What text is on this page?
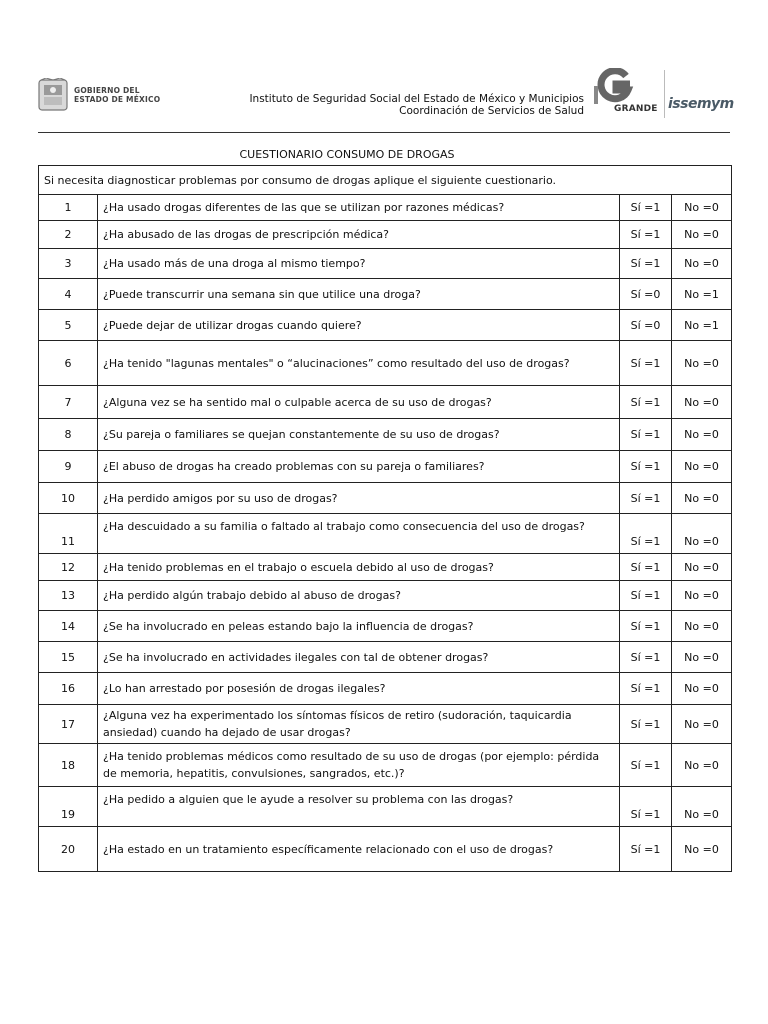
GOBIERNO DEL
ESTADO DE MÉXICO	Instituto de Seguridad Social del Estado de México y Municipios
Coordinación de Servicios de Salud	GRANDE issemym
CUESTIONARIO CONSUMO DE DROGAS
Si necesita diagnosticar problemas por consumo de drogas aplique el siguiente cuestionario.			
1	¿Ha usado drogas diferentes de las que se utilizan por razones médicas?	Sí =1	No =0
2	¿Ha abusado de las drogas de prescripción médica?	Sí =1	No =0
3	¿Ha usado más de una droga al mismo tiempo?	Sí =1	No =0
4	¿Puede transcurrir una semana sin que utilice una droga?	Sí =0	No =1
5	¿Puede dejar de utilizar drogas cuando quiere?	Sí =0	No =1
6	¿Ha tenido "lagunas mentales" o “alucinaciones” como resultado del uso de drogas?	Sí =1	No =0
7	¿Alguna vez se ha sentido mal o culpable acerca de su uso de drogas?	Sí =1	No =0
8	¿Su pareja o familiares se quejan constantemente de su uso de drogas?	Sí =1	No =0
9	¿El abuso de drogas ha creado problemas con su pareja o familiares?	Sí =1	No =0
10	¿Ha perdido amigos por su uso de drogas?	Sí =1	No =0
11	¿Ha descuidado a su familia o faltado al trabajo como consecuencia del uso de drogas?	Sí =1	No =0
12	¿Ha tenido problemas en el trabajo o escuela debido al uso de drogas?	Sí =1	No =0
13	¿Ha perdido algún trabajo debido al abuso de drogas?	Sí =1	No =0
14	¿Se ha involucrado en peleas estando bajo la influencia de drogas?	Sí =1	No =0
15	¿Se ha involucrado en actividades ilegales con tal de obtener drogas?	Sí =1	No =0
16	¿Lo han arrestado por posesión de drogas ilegales?	Sí =1	No =0
17	¿Alguna vez ha experimentado los síntomas físicos de retiro (sudoración, taquicardia ansiedad) cuando ha dejado de usar drogas?	Sí =1	No =0
18	¿Ha tenido problemas médicos como resultado de su uso de drogas (por ejemplo: pérdida de memoria, hepatitis, convulsiones, sangrados, etc.)?	Sí =1	No =0
19	¿Ha pedido a alguien que le ayude a resolver su problema con las drogas?	Sí =1	No =0
20	¿Ha estado en un tratamiento específicamente relacionado con el uso de drogas?	Sí =1	No =0
